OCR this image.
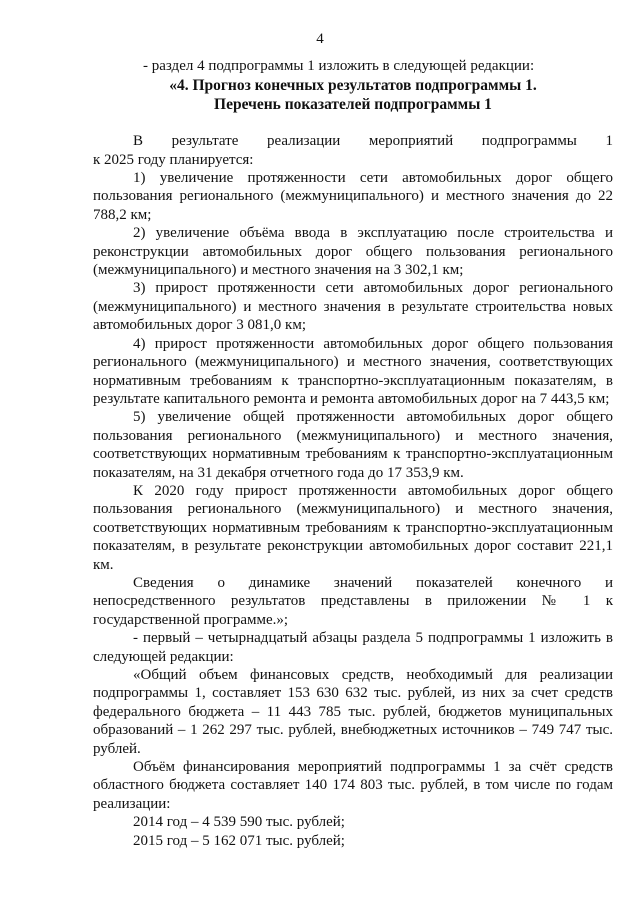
4

- раздел 4 подпрограммы 1 изложить в следующей редакции:

«4. Прогноз конечных результатов подпрограммы 1.

Перечень показателей подпрограммы 1

В результате реализации мероприятий подпрограммы 1

к 2025 году планируется:

1) увеличение протяженности сети автомобильных дорог общего пользования регионального (межмуниципального) и местного значения до 22 788,2 км;

2) увеличение объёма ввода в эксплуатацию после строительства и реконструкции автомобильных дорог общего пользования регионального (межмуниципального) и местного значения на 3 302,1 км;

3) прирост протяженности сети автомобильных дорог регионального (межмуниципального) и местного значения в результате строительства новых автомобильных дорог 3 081,0 км;

4) прирост протяженности автомобильных дорог общего пользования регионального (межмуниципального) и местного значения, соответствующих нормативным требованиям к транспортно-эксплуатационным показателям, в результате капитального ремонта и ремонта автомобильных дорог на 7 443,5 км;

5) увеличение общей протяженности автомобильных дорог общего пользования регионального (межмуниципального) и местного значения, соответствующих нормативным требованиям к транспортно-эксплуатационным показателям, на 31 декабря отчетного года до 17 353,9 км.

К 2020 году прирост протяженности автомобильных дорог общего пользования регионального (межмуниципального) и местного значения, соответствующих нормативным требованиям к транспортно-эксплуатационным показателям, в результате реконструкции автомобильных дорог составит 221,1 км.

Сведения о динамике значений показателей конечного и непосредственного результатов представлены в приложении № 1 к государственной программе.»;

- первый – четырнадцатый абзацы раздела 5 подпрограммы 1 изложить в следующей редакции:

«Общий объем финансовых средств, необходимый для реализации подпрограммы 1, составляет 153 630 632 тыс. рублей, из них за счет средств федерального бюджета – 11 443 785 тыс. рублей, бюджетов муниципальных образований – 1 262 297 тыс. рублей, внебюджетных источников – 749 747 тыс. рублей.

Объём финансирования мероприятий подпрограммы 1 за счёт средств областного бюджета составляет 140 174 803 тыс. рублей, в том числе по годам реализации:

2014 год – 4 539 590 тыс. рублей;

2015 год – 5 162 071 тыс. рублей;
